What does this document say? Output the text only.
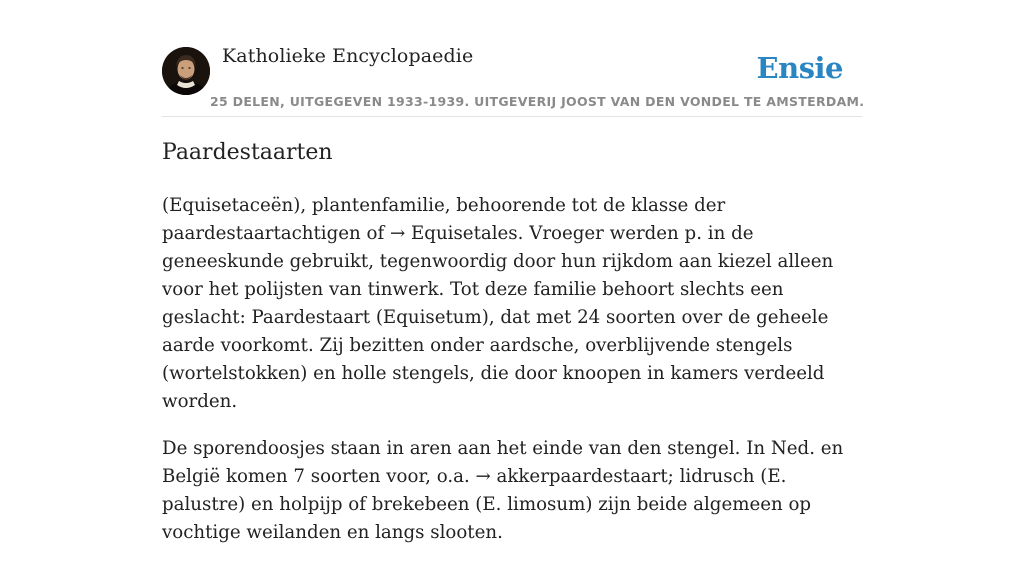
Katholieke Encyclopaedie
25 DELEN, UITGEGEVEN 1933-1939. UITGEVERIJ JOOST VAN DEN VONDEL TE AMSTERDAM.
Ensie
Paardestaarten

(Equisetaceën), plantenfamilie, behoorende tot de klasse der paardestaartachtigen of → Equisetales. Vroeger werden p. in de geneeskunde gebruikt, tegenwoordig door hun rijkdom aan kiezel alleen voor het polijsten van tinwerk. Tot deze familie behoort slechts een geslacht: Paardestaart (Equisetum), dat met 24 soorten over de geheele aarde voorkomt. Zij bezitten onder aardsche, overblijvende stengels (wortelstokken) en holle stengels, die door knoopen in kamers verdeeld worden.

De sporendoosjes staan in aren aan het einde van den stengel. In Ned. en België komen 7 soorten voor, o.a. → akkerpaardestaart; lidrusch (E. palustre) en holpijp of brekebeen (E. limosum) zijn beide algemeen op vochtige weilanden en langs slooten.
